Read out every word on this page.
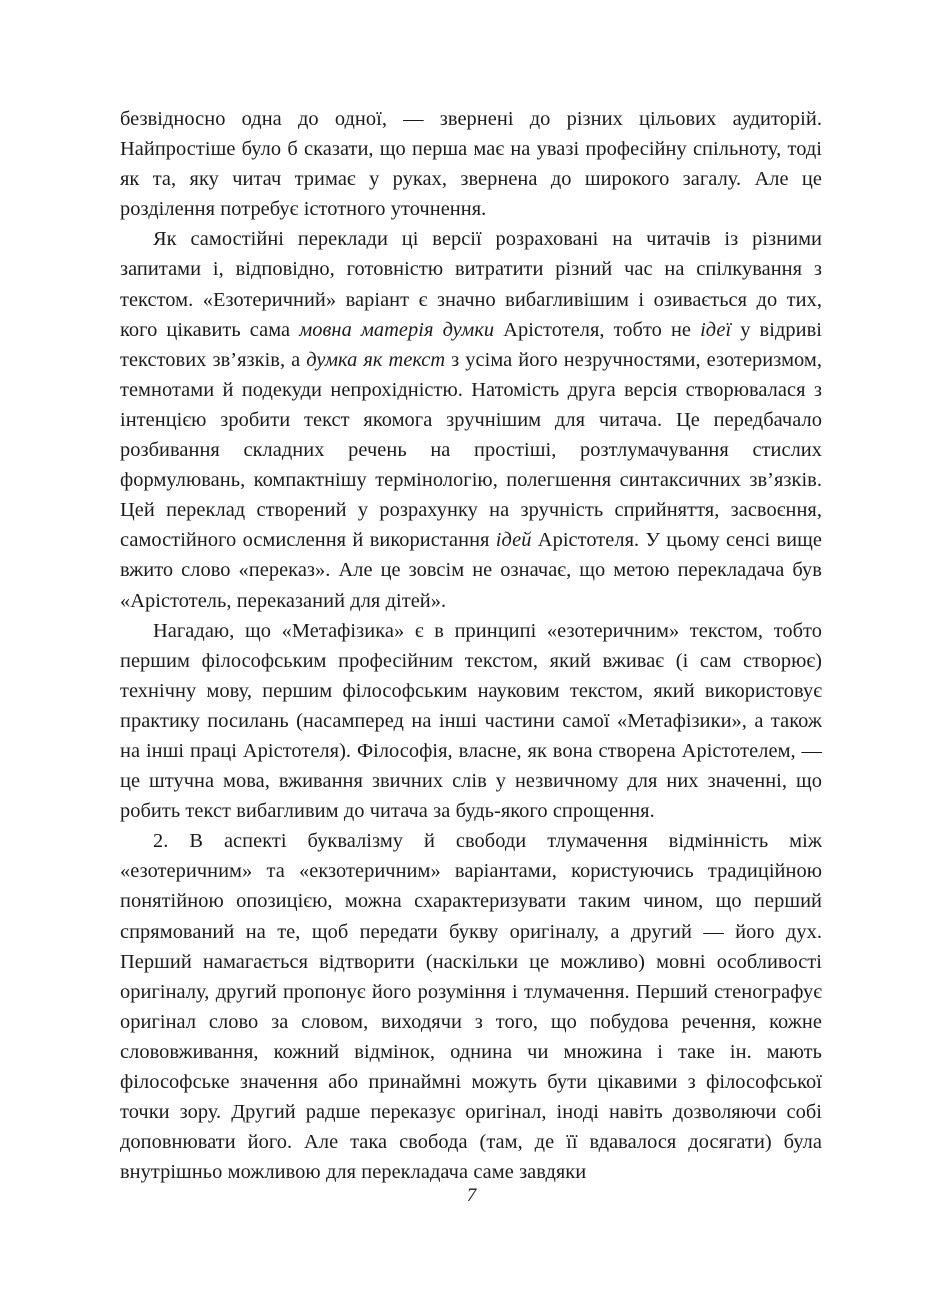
безвідносно одна до одної, — звернені до різних цільових аудиторій. Найпростіше було б сказати, що перша має на увазі професійну спільноту, тоді як та, яку читач тримає у руках, звернена до широкого загалу. Але це розділення потребує істотного уточнення.

Як самостійні переклади ці версії розраховані на читачів із різними запитами і, відповідно, готовністю витратити різний час на спілкування з текстом. «Езотеричний» варіант є значно вибагливішим і озивається до тих, кого цікавить сама мовна матерія думки Арістотеля, тобто не ідеї у відриві текстових зв’язків, а думка як текст з усіма його незручностями, езотеризмом, темнотами й подекуди непрохідністю. Натомість друга версія створювалася з інтенцією зробити текст якомога зручнішим для читача. Це передбачало розбивання складних речень на простіші, розтлумачування стислих формулювань, компактнішу термінологію, полегшення синтаксичних зв’язків. Цей переклад створений у розрахунку на зручність сприйняття, засвоєння, самостійного осмислення й використання ідей Арістотеля. У цьому сенсі вище вжито слово «переказ». Але це зовсім не означає, що метою перекладача був «Арістотель, переказаний для дітей».

Нагадаю, що «Метафізика» є в принципі «езотеричним» текстом, тобто першим філософським професійним текстом, який вживає (і сам створює) технічну мову, першим філософським науковим текстом, який використовує практику посилань (насамперед на інші частини самої «Метафізики», а також на інші праці Арістотеля). Філософія, власне, як вона створена Арістотелем, — це штучна мова, вживання звичних слів у незвичному для них значенні, що робить текст вибагливим до читача за будь-якого спрощення.

2. В аспекті буквалізму й свободи тлумачення відмінність між «езотеричним» та «екзотеричним» варіантами, користуючись традиційною понятійною опозицією, можна схарактеризувати таким чином, що перший спрямований на те, щоб передати букву оригіналу, а другий — його дух. Перший намагається відтворити (наскільки це можливо) мовні особливості оригіналу, другий пропонує його розуміння і тлумачення. Перший стенографує оригінал слово за словом, виходячи з того, що побудова речення, кожне слововживання, кожний відмінок, однина чи множина і таке ін. мають філософське значення або принаймні можуть бути цікавими з філософської точки зору. Другий радше переказує оригінал, іноді навіть дозволяючи собі доповнювати його. Але така свобода (там, де її вдавалося досягати) була внутрішньо можливою для перекладача саме завдяки

7
